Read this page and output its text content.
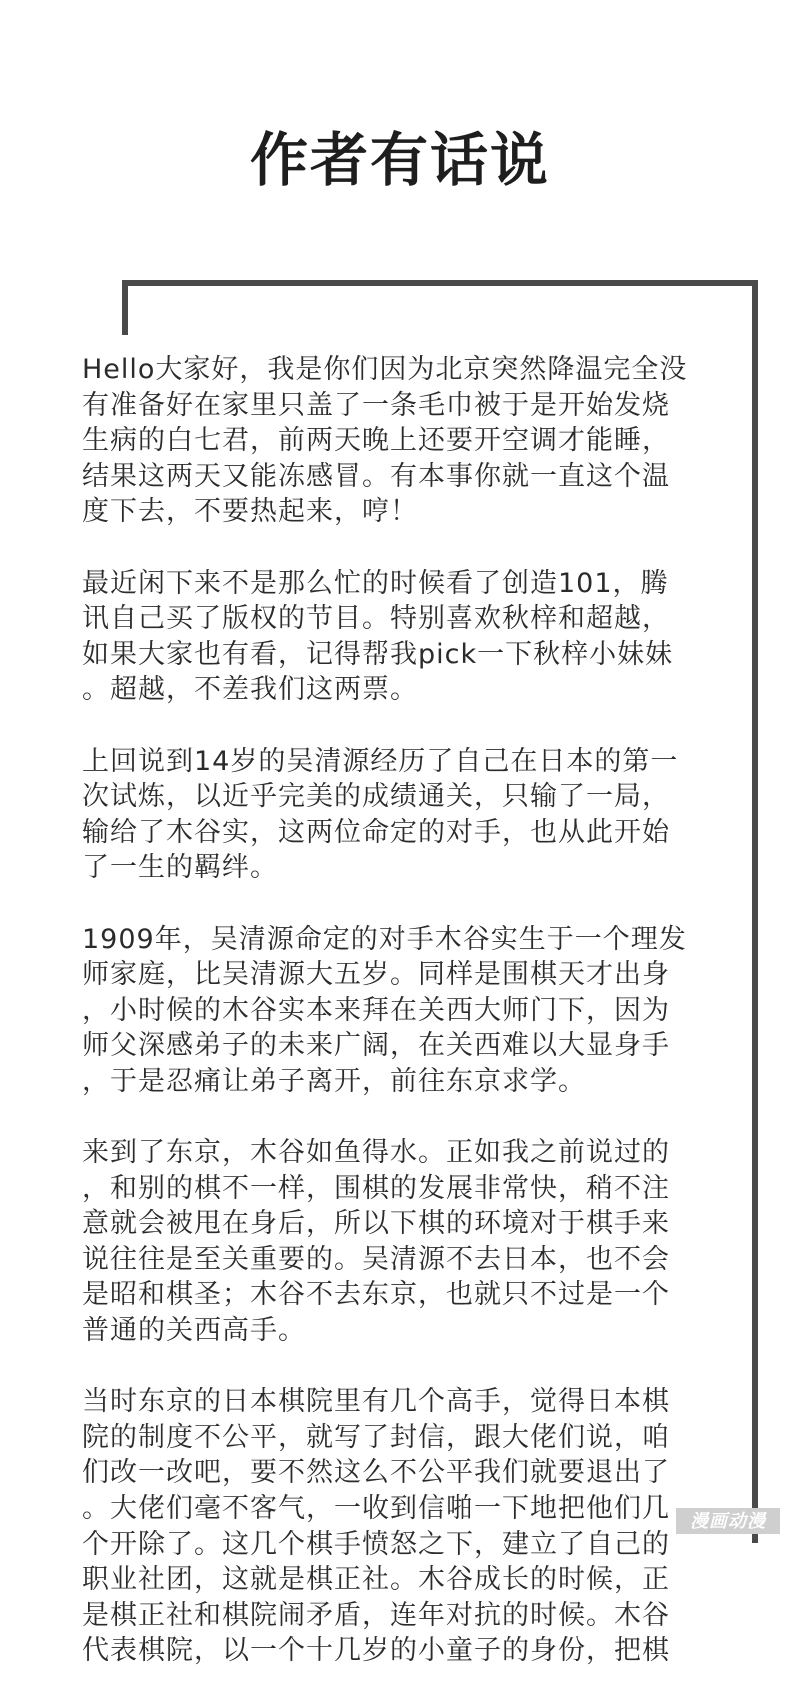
作者有话说

Hello大家好，我是你们因为北京突然降温完全没
有准备好在家里只盖了一条毛巾被于是开始发烧
生病的白七君，前两天晚上还要开空调才能睡，
结果这两天又能冻感冒。有本事你就一直这个温
度下去，不要热起来，哼！

最近闲下来不是那么忙的时候看了创造101，腾
讯自己买了版权的节目。特别喜欢秋梓和超越，
如果大家也有看，记得帮我pick一下秋梓小妹妹
。超越，不差我们这两票。

上回说到14岁的吴清源经历了自己在日本的第一
次试炼，以近乎完美的成绩通关，只输了一局，
输给了木谷实，这两位命定的对手，也从此开始
了一生的羁绊。

1909年，吴清源命定的对手木谷实生于一个理发
师家庭，比吴清源大五岁。同样是围棋天才出身
，小时候的木谷实本来拜在关西大师门下，因为
师父深感弟子的未来广阔，在关西难以大显身手
，于是忍痛让弟子离开，前往东京求学。

来到了东京，木谷如鱼得水。正如我之前说过的
，和别的棋不一样，围棋的发展非常快，稍不注
意就会被甩在身后，所以下棋的环境对于棋手来
说往往是至关重要的。吴清源不去日本，也不会
是昭和棋圣；木谷不去东京，也就只不过是一个
普通的关西高手。

当时东京的日本棋院里有几个高手，觉得日本棋
院的制度不公平，就写了封信，跟大佬们说，咱
们改一改吧，要不然这么不公平我们就要退出了
。大佬们毫不客气，一收到信啪一下地把他们几
个开除了。这几个棋手愤怒之下，建立了自己的
职业社团，这就是棋正社。木谷成长的时候，正
是棋正社和棋院闹矛盾，连年对抗的时候。木谷
代表棋院，以一个十几岁的小童子的身份，把棋

漫画动漫
